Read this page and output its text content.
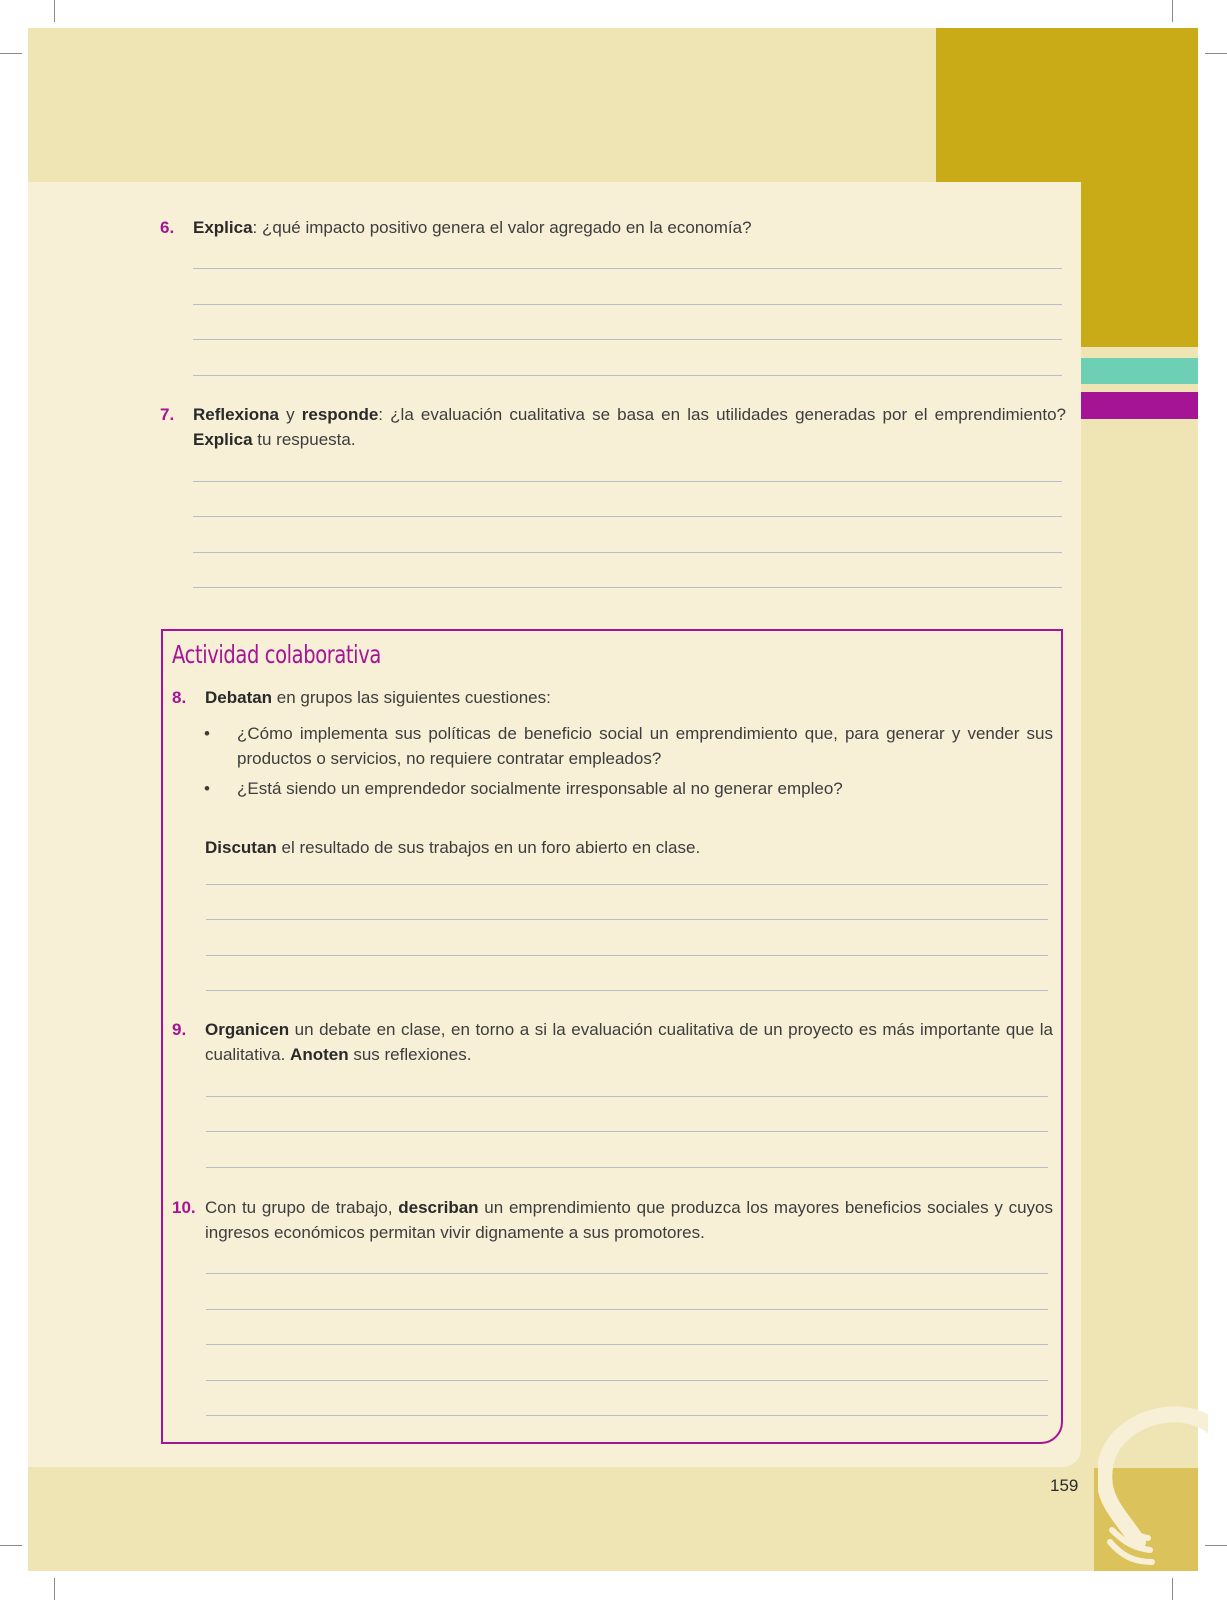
6. Explica: ¿qué impacto positivo genera el valor agregado en la economía?
7. Reflexiona y responde: ¿la evaluación cualitativa se basa en las utilidades generadas por el emprendimiento? Explica tu respuesta.
Actividad colaborativa
8. Debatan en grupos las siguientes cuestiones:
• ¿Cómo implementa sus políticas de beneficio social un emprendimiento que, para generar y vender sus productos o servicios, no requiere contratar empleados?
• ¿Está siendo un emprendedor socialmente irresponsable al no generar empleo?
Discutan el resultado de sus trabajos en un foro abierto en clase.
9. Organicen un debate en clase, en torno a si la evaluación cualitativa de un proyecto es más importante que la cualitativa. Anoten sus reflexiones.
10. Con tu grupo de trabajo, describan un emprendimiento que produzca los mayores beneficios sociales y cuyos ingresos económicos permitan vivir dignamente a sus promotores.
159
